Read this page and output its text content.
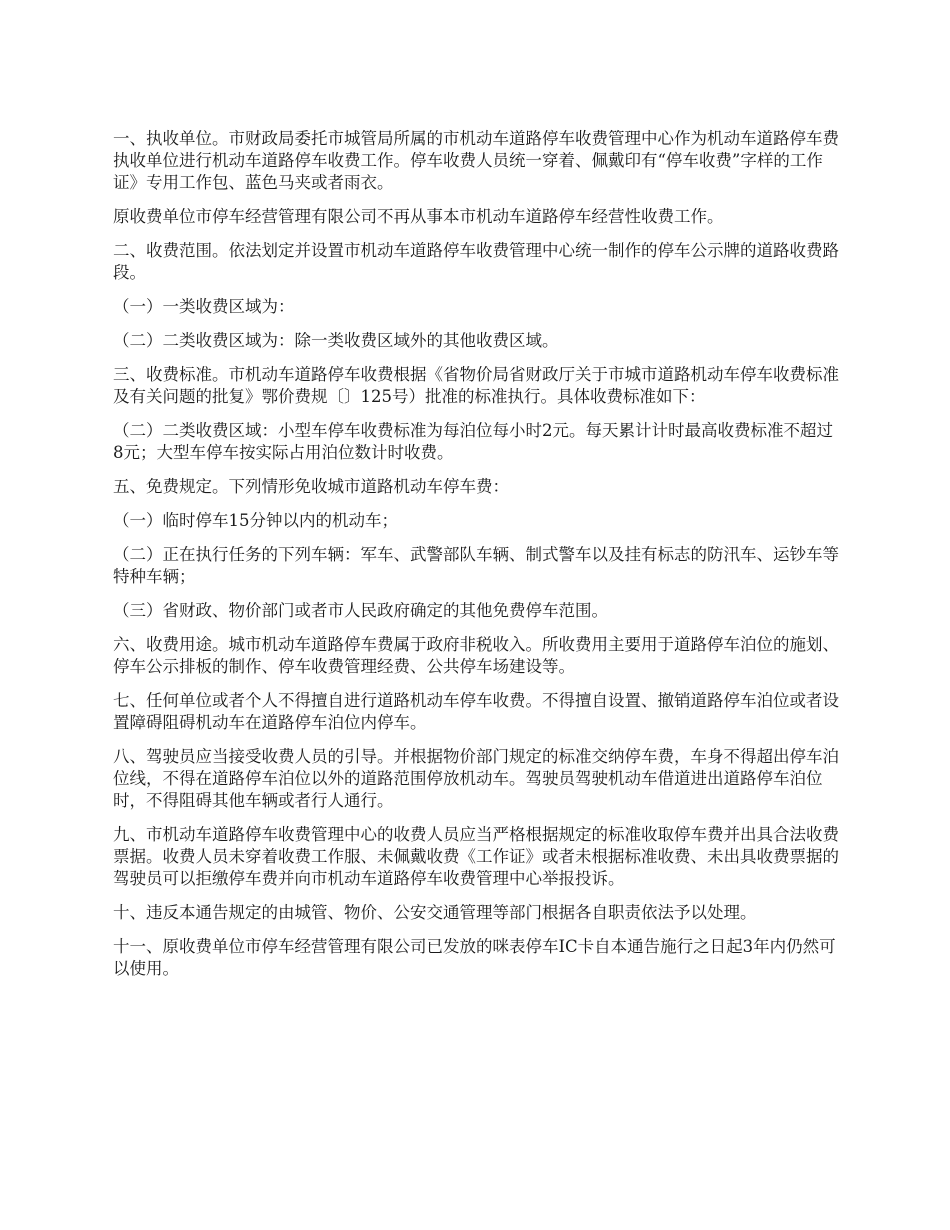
一、执收单位。市财政局委托市城管局所属的市机动车道路停车收费管理中心作为机动车道路停车费执收单位进行机动车道路停车收费工作。停车收费人员统一穿着、佩戴印有“停车收费”字样的工作证》专用工作包、蓝色马夹或者雨衣。

原收费单位市停车经营管理有限公司不再从事本市机动车道路停车经营性收费工作。

二、收费范围。依法划定并设置市机动车道路停车收费管理中心统一制作的停车公示牌的道路收费路段。

（一）一类收费区域为：

（二）二类收费区域为：除一类收费区域外的其他收费区域。

三、收费标准。市机动车道路停车收费根据《省物价局省财政厅关于市城市道路机动车停车收费标准及有关问题的批复》鄂价费规〔〕125号）批准的标准执行。具体收费标准如下：

（二）二类收费区域：小型车停车收费标准为每泊位每小时2元。每天累计计时最高收费标准不超过8元；大型车停车按实际占用泊位数计时收费。

五、免费规定。下列情形免收城市道路机动车停车费：

（一）临时停车15分钟以内的机动车；

（二）正在执行任务的下列车辆：军车、武警部队车辆、制式警车以及挂有标志的防汛车、运钞车等特种车辆；

（三）省财政、物价部门或者市人民政府确定的其他免费停车范围。

六、收费用途。城市机动车道路停车费属于政府非税收入。所收费用主要用于道路停车泊位的施划、停车公示排板的制作、停车收费管理经费、公共停车场建设等。

七、任何单位或者个人不得擅自进行道路机动车停车收费。不得擅自设置、撤销道路停车泊位或者设置障碍阻碍机动车在道路停车泊位内停车。

八、驾驶员应当接受收费人员的引导。并根据物价部门规定的标准交纳停车费，车身不得超出停车泊位线，不得在道路停车泊位以外的道路范围停放机动车。驾驶员驾驶机动车借道进出道路停车泊位时，不得阻碍其他车辆或者行人通行。

九、市机动车道路停车收费管理中心的收费人员应当严格根据规定的标准收取停车费并出具合法收费票据。收费人员未穿着收费工作服、未佩戴收费《工作证》或者未根据标准收费、未出具收费票据的驾驶员可以拒缴停车费并向市机动车道路停车收费管理中心举报投诉。

十、违反本通告规定的由城管、物价、公安交通管理等部门根据各自职责依法予以处理。

十一、原收费单位市停车经营管理有限公司已发放的咪表停车IC卡自本通告施行之日起3年内仍然可以使用。
